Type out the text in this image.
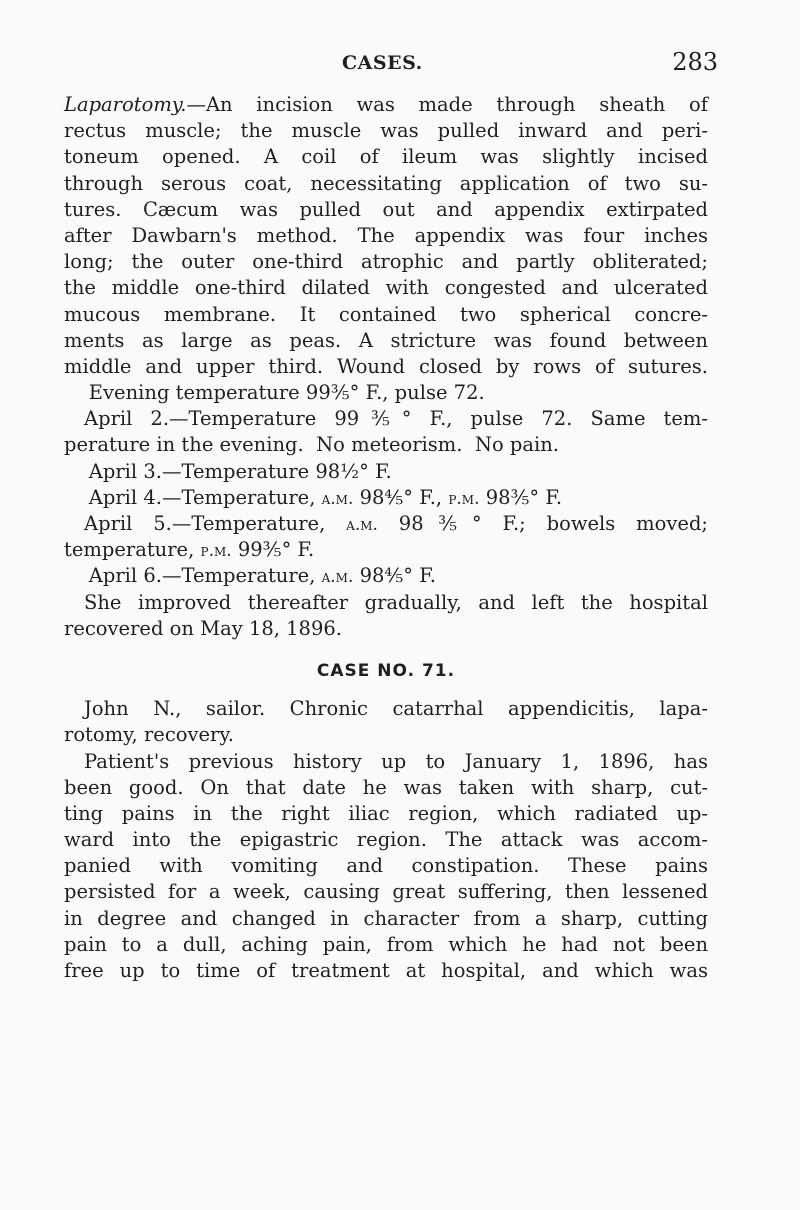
CASES.	283
Laparotomy.—An incision was made through sheath of
rectus muscle; the muscle was pulled inward and peri-
toneum opened. A coil of ileum was slightly incised
through serous coat, necessitating application of two su-
tures. Cæcum was pulled out and appendix extirpated
after Dawbarn's method. The appendix was four inches
long; the outer one-third atrophic and partly obliterated;
the middle one-third dilated with congested and ulcerated
mucous membrane. It contained two spherical concre-
ments as large as peas. A stricture was found between
middle and upper third. Wound closed by rows of sutures.
Evening temperature 99⅗° F., pulse 72.
April 2.—Temperature 99⅗° F., pulse 72. Same tem-
perature in the evening.  No meteorism.  No pain.
April 3.—Temperature 98½° F.
April 4.—Temperature, a.m. 98⅘° F., p.m. 98⅗° F.
April 5.—Temperature, a.m. 98⅗° F.; bowels moved;
temperature, p.m. 99⅗° F.
April 6.—Temperature, a.m. 98⅘° F.
She improved thereafter gradually, and left the hospital
recovered on May 18, 1896.
CASE NO. 71.
John N., sailor. Chronic catarrhal appendicitis, lapa-
rotomy, recovery.
Patient's previous history up to January 1, 1896, has
been good. On that date he was taken with sharp, cut-
ting pains in the right iliac region, which radiated up-
ward into the epigastric region. The attack was accom-
panied with vomiting and constipation. These pains
persisted for a week, causing great suffering, then lessened
in degree and changed in character from a sharp, cutting
pain to a dull, aching pain, from which he had not been
free up to time of treatment at hospital, and which was
